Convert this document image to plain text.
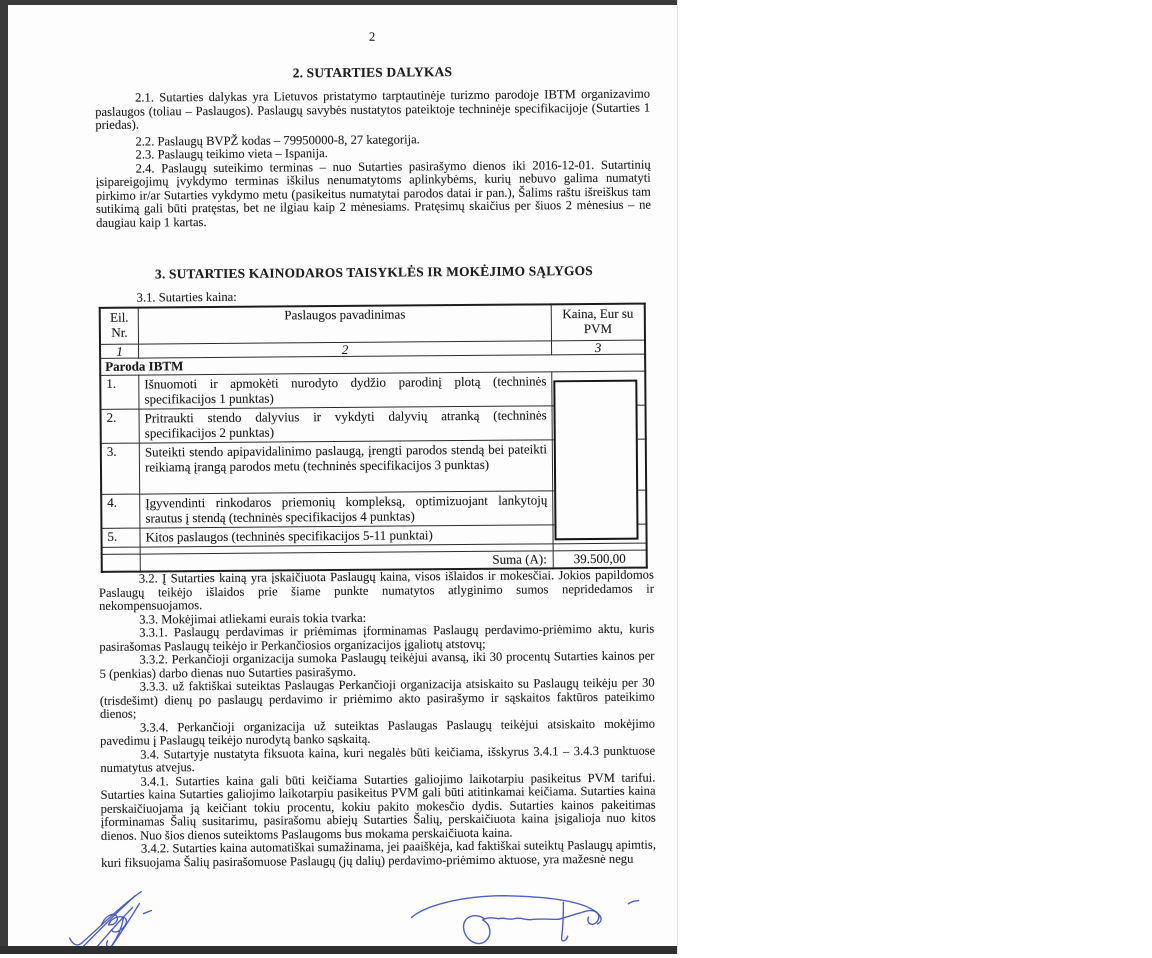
2
2. SUTARTIES DALYKAS

2.1. Sutarties dalykas yra Lietuvos pristatymo tarptautinėje turizmo parodoje IBTM organizavimo paslaugos (toliau – Paslaugos). Paslaugų savybės nustatytos pateiktoje techninėje specifikacijoje (Sutarties 1 priedas).

2.2. Paslaugų BVPŽ kodas – 79950000-8, 27 kategorija.

2.3. Paslaugų teikimo vieta – Ispanija.

2.4. Paslaugų suteikimo terminas – nuo Sutarties pasirašymo dienos iki 2016-12-01. Sutartinių įsipareigojimų įvykdymo terminas iškilus nenumatytoms aplinkybėms, kurių nebuvo galima numatyti pirkimo ir/ar Sutarties vykdymo metu (pasikeitus numatytai parodos datai ir pan.), Šalims raštu išreiškus tam sutikimą gali būti pratęstas, bet ne ilgiau kaip 2 mėnesiams. Pratęsimų skaičius per šiuos 2 mėnesius – ne daugiau kaip 1 kartas.

3. SUTARTIES KAINODAROS TAISYKLĖS IR MOKĖJIMO SĄLYGOS
3.1. Sutarties kaina:
Eil.
Nr.	Paslaugos pavadinimas	Kaina, Eur su PVM
1	2	3
Paroda IBTM		
1.	Išnuomoti ir apmokėti nurodyto dydžio parodinį plotą (techninės specifikacijos 1 punktas)	
2.	Pritraukti stendo dalyvius ir vykdyti dalyvių atranką (techninės specifikacijos 2 punktas)	
3.	Suteikti stendo apipavidalinimo paslaugą, įrengti parodos stendą bei pateikti reikiamą įrangą parodos metu (techninės specifikacijos 3 punktas)	
4.	Įgyvendinti rinkodaros priemonių kompleksą, optimizuojant lankytojų srautus į stendą (techninės specifikacijos 4 punktas)	
5.	Kitos paslaugos (techninės specifikacijos 5-11 punktai)	

	Suma (A):	39.500,00

3.2. Į Sutarties kainą yra įskaičiuota Paslaugų kaina, visos išlaidos ir mokesčiai. Jokios papildomos Paslaugų teikėjo išlaidos prie šiame punkte numatytos atlyginimo sumos nepridedamos ir nekompensuojamos.

3.3. Mokėjimai atliekami eurais tokia tvarka:

3.3.1. Paslaugų perdavimas ir priėmimas įforminamas Paslaugų perdavimo-priėmimo aktu, kuris pasirašomas Paslaugų teikėjo ir Perkančiosios organizacijos įgaliotų atstovų;

3.3.2. Perkančioji organizacija sumoka Paslaugų teikėjui avansą, iki 30 procentų Sutarties kainos per 5 (penkias) darbo dienas nuo Sutarties pasirašymo.

3.3.3. už faktiškai suteiktas Paslaugas Perkančioji organizacija atsiskaito su Paslaugų teikėju per 30 (trisdešimt) dienų po paslaugų perdavimo ir priėmimo akto pasirašymo ir sąskaitos faktūros pateikimo dienos;

3.3.4. Perkančioji organizacija už suteiktas Paslaugas Paslaugų teikėjui atsiskaito mokėjimo pavedimu į Paslaugų teikėjo nurodytą banko sąskaitą.

3.4. Sutartyje nustatyta fiksuota kaina, kuri negalės būti keičiama, išskyrus 3.4.1 – 3.4.3 punktuose numatytus atvejus.

3.4.1. Sutarties kaina gali būti keičiama Sutarties galiojimo laikotarpiu pasikeitus PVM tarifui. Sutarties kaina Sutarties galiojimo laikotarpiu pasikeitus PVM gali būti atitinkamai keičiama. Sutarties kaina perskaičiuojama ją keičiant tokiu procentu, kokiu pakito mokesčio dydis. Sutarties kainos pakeitimas įforminamas Šalių susitarimu, pasirašomu abiejų Sutarties Šalių, perskaičiuota kaina įsigalioja nuo kitos dienos. Nuo šios dienos suteiktoms Paslaugoms bus mokama perskaičiuota kaina.

3.4.2. Sutarties kaina automatiškai sumažinama, jei paaiškėja, kad faktiškai suteiktų Paslaugų apimtis, kuri fiksuojama Šalių pasirašomuose Paslaugų (jų dalių) perdavimo-priėmimo aktuose, yra mažesnė negu
